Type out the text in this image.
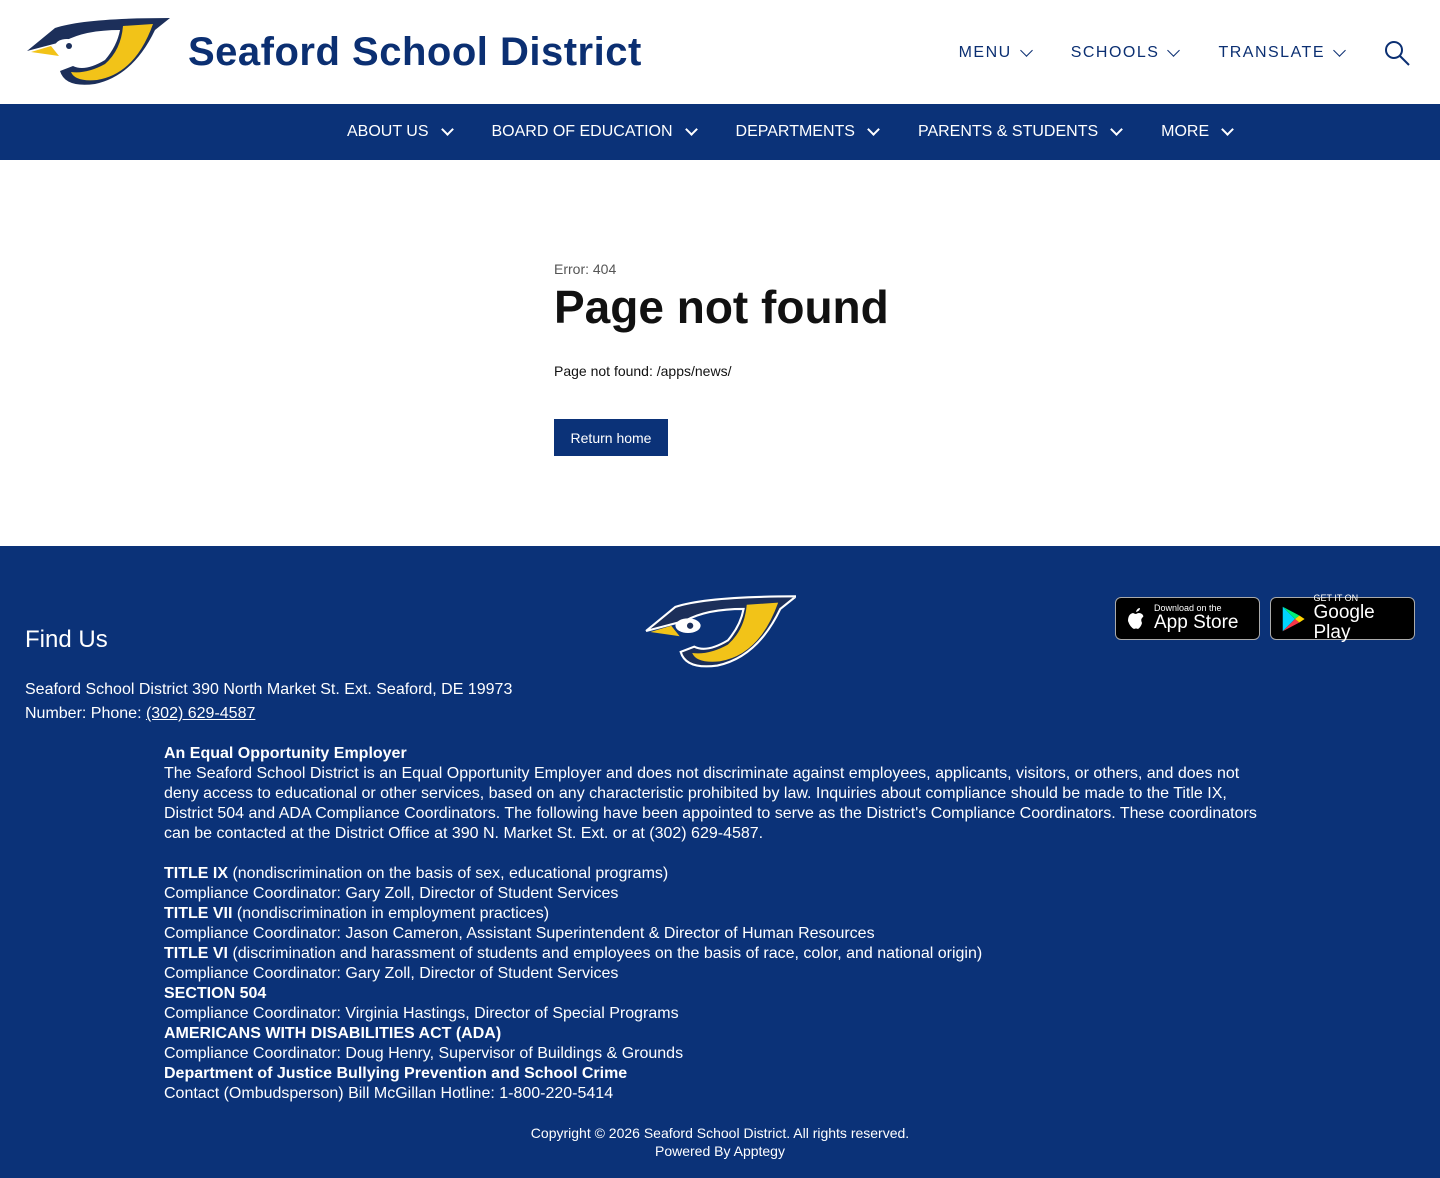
Seaford School District	MENU	SCHOOLS	TRANSLATE
ABOUT US	BOARD OF EDUCATION	DEPARTMENTS	PARENTS & STUDENTS	MORE
Error: 404
Page not found
Page not found: /apps/news/
Return home
Find Us
Seaford School District 390 North Market St. Ext. Seaford, DE 19973
Number: Phone: (302) 629-4587
Download on the
App Store
GET IT ON
Google Play
An Equal Opportunity Employer
The Seaford School District is an Equal Opportunity Employer and does not discriminate against employees, applicants, visitors, or others, and does not deny access to educational or other services, based on any characteristic prohibited by law. Inquiries about compliance should be made to the Title IX, District 504 and ADA Compliance Coordinators. The following have been appointed to serve as the District's Compliance Coordinators. These coordinators can be contacted at the District Office at 390 N. Market St. Ext. or at (302) 629-4587.
TITLE IX (nondiscrimination on the basis of sex, educational programs)
Compliance Coordinator: Gary Zoll, Director of Student Services
TITLE VII (nondiscrimination in employment practices)
Compliance Coordinator: Jason Cameron, Assistant Superintendent & Director of Human Resources
TITLE VI (discrimination and harassment of students and employees on the basis of race, color, and national origin)
Compliance Coordinator: Gary Zoll, Director of Student Services
SECTION 504
Compliance Coordinator: Virginia Hastings, Director of Special Programs
AMERICANS WITH DISABILITIES ACT (ADA)
Compliance Coordinator: Doug Henry, Supervisor of Buildings & Grounds
Department of Justice Bullying Prevention and School Crime
Contact (Ombudsperson) Bill McGillan Hotline: 1-800-220-5414
Copyright © 2026 Seaford School District. All rights reserved.
Powered By Apptegy
